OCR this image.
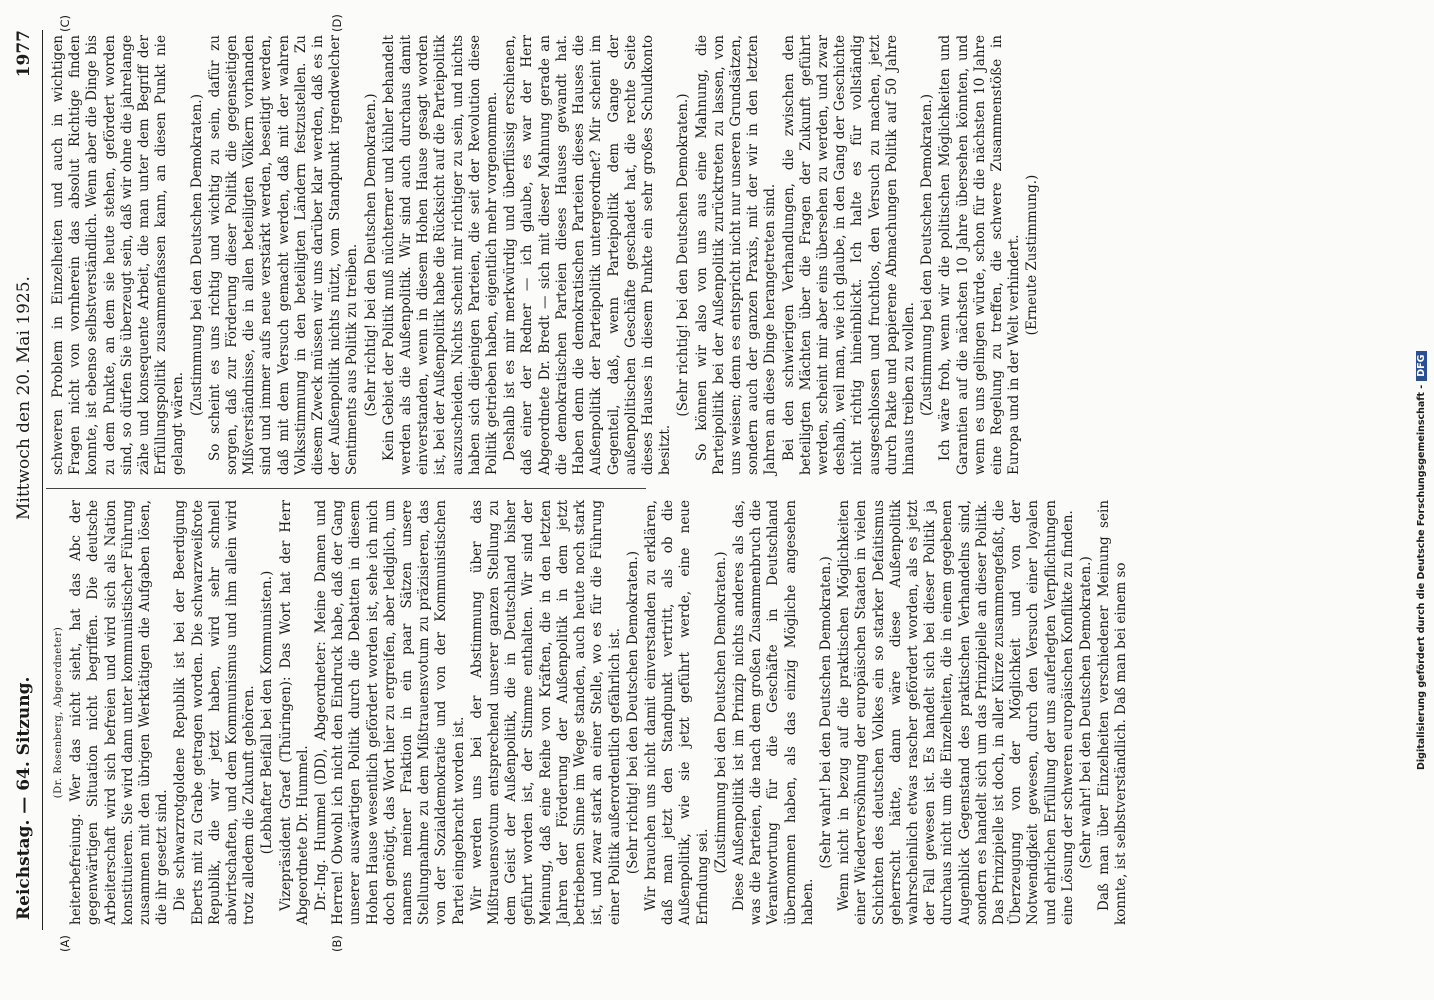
Reichstag. — 64. Sitzung.
Mittwoch den 20. Mai 1925.
1977
(A)	(B)
(C)	(D)

(Dr. Rosenberg, Abgeordneter) heiterbefreiung. Wer das nicht sieht, hat das Abc der gegenwärtigen Situation nicht begriffen. Die deutsche Arbeiterschaft wird sich befreien und wird sich als Nation konstituieren. Sie wird dann unter kommunistischer Führung zusammen mit den übrigen Werktätigen die Aufgaben lösen, die ihr gesetzt sind. Die schwarzrotgoldene Republik ist bei der Beerdigung Eberts mit zu Grabe getragen worden. Die schwarzweißrote Republik, die wir jetzt haben, wird sehr schnell abwirtschaften, und dem Kommunismus und ihm allein wird trotz alledem die Zukunft gehören. (Lebhafter Beifall bei den Kommunisten.) Vizepräsident Graef (Thüringen): Das Wort hat der Herr Abgeordnete Dr. Hummel. Dr.-Ing. Hummel (DD), Abgeordneter: Meine Damen und Herren! Obwohl ich nicht den Eindruck habe, daß der Gang unserer auswärtigen Politik durch die Debatten in diesem Hohen Hause wesentlich gefördert worden ist, sehe ich mich doch genötigt, das Wort hier zu ergreifen, aber lediglich, um namens meiner Fraktion in ein paar Sätzen unsere Stellungnahme zu dem Mißtrauensvotum zu präzisieren, das von der Sozialdemokratie und von der Kommunistischen Partei eingebracht worden ist. Wir werden uns bei der Abstimmung über das Mißtrauensvotum entsprechend unserer ganzen Stellung zu dem Geist der Außenpolitik, die in Deutschland bisher geführt worden ist, der Stimme enthalten. Wir sind der Meinung, daß eine Reihe von Kräften, die in den letzten Jahren der Förderung der Außenpolitik in dem jetzt betriebenen Sinne im Wege standen, auch heute noch stark ist, und zwar stark an einer Stelle, wo es für die Führung einer Politik außerordentlich gefährlich ist. (Sehr richtig! bei den Deutschen Demokraten.) Wir brauchen uns nicht damit einverstanden zu erklären, daß man jetzt den Standpunkt vertritt, als ob die Außenpolitik, wie sie jetzt geführt werde, eine neue Erfindung sei.

(Zustimmung bei den Deutschen Demokraten.) Diese Außenpolitik ist im Prinzip nichts anderes als das, was die Parteien, die nach dem großen Zusammenbruch die Verantwortung für die Geschäfte in Deutschland übernommen haben, als das einzig Mögliche angesehen haben.

(Sehr wahr! bei den Deutschen Demokraten.) Wenn nicht in bezug auf die praktischen Möglichkeiten einer Wiederversöhnung der europäischen Staaten in vielen Schichten des deutschen Volkes ein so starker Defaitismus geherrscht hätte, dann wäre diese Außenpolitik wahrscheinlich etwas rascher gefördert worden, als es jetzt der Fall gewesen ist. Es handelt sich bei dieser Politik ja durchaus nicht um die Einzelheiten, die in einem gegebenen Augenblick Gegenstand des praktischen Verhandelns sind, sondern es handelt sich um das Prinzipielle an dieser Politik. Das Prinzipielle ist doch, in aller Kürze zusammengefaßt, die Überzeugung von der Möglichkeit und von der Notwendigkeit gewesen, durch den Versuch einer loyalen und ehrlichen Erfüllung der uns auferlegten Verpflichtungen eine Lösung der schweren europäischen Konflikte zu finden. (Sehr wahr! bei den Deutschen Demokraten.) Daß man über Einzelheiten verschiedener Meinung sein konnte, ist selbstverständlich. Daß man bei einem so

schweren Problem in Einzelheiten und auch in wichtigen Fragen nicht von vornherein das absolut Richtige finden konnte, ist ebenso selbstverständlich. Wenn aber die Dinge bis zu dem Punkte, an dem sie heute stehen, gefördert worden sind, so dürfen Sie überzeugt sein, daß wir ohne die jahrelange zähe und konsequente Arbeit, die man unter dem Begriff der Erfüllungspolitik zusammenfassen kann, an diesen Punkt nie gelangt wären.

(Zustimmung bei den Deutschen Demokraten.) So scheint es uns richtig und wichtig zu sein, dafür zu sorgen, daß zur Förderung dieser Politik die gegenseitigen Mißverständnisse, die in allen beteiligten Völkern vorhanden sind und immer aufs neue verstärkt werden, beseitigt werden, daß mit dem Versuch gemacht werden, daß mit der wahren Volksstimmung in den beteiligten Ländern festzustellen. Zu diesem Zweck müssen wir uns darüber klar werden, daß es in der Außenpolitik nichts nützt, vom Standpunkt irgendwelcher Sentiments aus Politik zu treiben. (Sehr richtig! bei den Deutschen Demokraten.) Kein Gebiet der Politik muß nüchterner und kühler behandelt werden als die Außenpolitik. Wir sind auch durchaus damit einverstanden, wenn in diesem Hohen Hause gesagt worden ist, bei der Außenpolitik habe die Rücksicht auf die Parteipolitik auszuscheiden. Nichts scheint mir richtiger zu sein, und nichts haben sich diejenigen Parteien, die seit der Revolution diese Politik getrieben haben, eigentlich mehr vorgenommen. Deshalb ist es mir merkwürdig und überflüssig erschienen, daß einer der Redner — ich glaube, es war der Herr Abgeordnete Dr. Bredt — sich mit dieser Mahnung gerade an die demokratischen Parteien dieses Hauses gewandt hat. Haben denn die demokratischen Parteien dieses Hauses die Außenpolitik der Parteipolitik untergeordnet? Mir scheint im Gegenteil, daß, wenn Parteipolitik dem Gange der außenpolitischen Geschäfte geschadet hat, die rechte Seite dieses Hauses in diesem Punkte ein sehr großes Schuldkonto besitzt.

(Sehr richtig! bei den Deutschen Demokraten.) So können wir also von uns aus eine Mahnung, die Parteipolitik bei der Außenpolitik zurücktreten zu lassen, von uns weisen; denn es entspricht nicht nur unseren Grundsätzen, sondern auch der ganzen Praxis, mit der wir in den letzten Jahren an diese Dinge herangetreten sind. Bei den schwierigen Verhandlungen, die zwischen den beteiligten Mächten über die Fragen der Zukunft geführt werden, scheint mir aber eins übersehen zu werden, und zwar deshalb, weil man, wie ich glaube, in den Gang der Geschichte nicht richtig hineinblickt. Ich halte es für vollständig ausgeschlossen und fruchtlos, den Versuch zu machen, jetzt durch Pakte und papierene Abmachungen Politik auf 50 Jahre hinaus treiben zu wollen. (Zustimmung bei den Deutschen Demokraten.) Ich wäre froh, wenn wir die politischen Möglichkeiten und Garantien auf die nächsten 10 Jahre übersehen könnten, und wenn es uns gelingen würde, schon für die nächsten 10 Jahre eine Regelung zu treffen, die schwere Zusammenstöße in Europa und in der Welt verhindert. (Erneute Zustimmung.)

Digitalisierung gefördert durch die Deutsche Forschungsgemeinschaft -DFG
